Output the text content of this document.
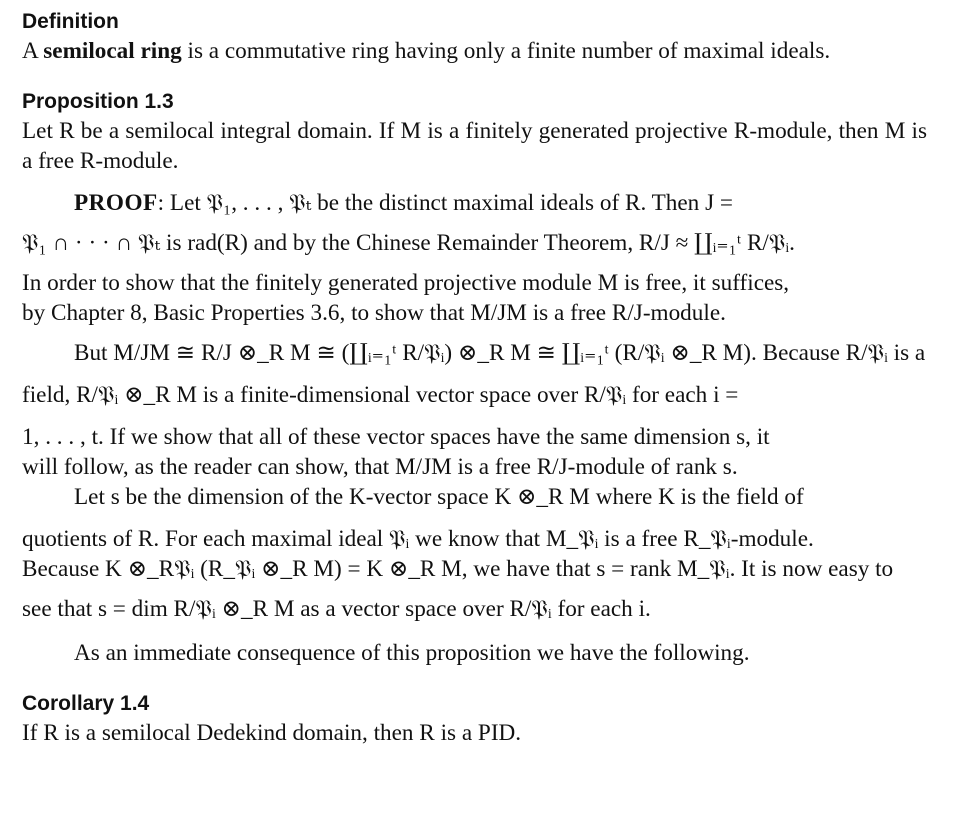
Definition

A semilocal ring is a commutative ring having only a finite number of maximal ideals.

Proposition 1.3

Let R be a semilocal integral domain. If M is a finitely generated projective R-module, then M is a free R-module.

PROOF: Let 𝔓₁, . . . , 𝔓ₜ be the distinct maximal ideals of R. Then J =
𝔓₁ ∩ · · · ∩ 𝔓ₜ is rad(R) and by the Chinese Remainder Theorem, R/J ≈ ∐ᵢ₌₁ᵗ R/𝔓ᵢ.
In order to show that the finitely generated projective module M is free, it suffices,
by Chapter 8, Basic Properties 3.6, to show that M/JM is a free R/J-module.
But M/JM ≅ R/J ⊗_R M ≅ (∐ᵢ₌₁ᵗ R/𝔓ᵢ) ⊗_R M ≅ ∐ᵢ₌₁ᵗ (R/𝔓ᵢ ⊗_R M). Because R/𝔓ᵢ is a
field, R/𝔓ᵢ ⊗_R M is a finite-dimensional vector space over R/𝔓ᵢ for each i =
1, . . . , t. If we show that all of these vector spaces have the same dimension s, it
will follow, as the reader can show, that M/JM is a free R/J-module of rank s.
Let s be the dimension of the K-vector space K ⊗_R M where K is the field of
quotients of R. For each maximal ideal 𝔓ᵢ we know that M_𝔓ᵢ is a free R_𝔓ᵢ-module.
Because K ⊗_R𝔓ᵢ (R_𝔓ᵢ ⊗_R M) = K ⊗_R M, we have that s = rank M_𝔓ᵢ. It is now easy to
see that s = dim R/𝔓ᵢ ⊗_R M as a vector space over R/𝔓ᵢ for each i.

As an immediate consequence of this proposition we have the following.

Corollary 1.4

If R is a semilocal Dedekind domain, then R is a PID.
